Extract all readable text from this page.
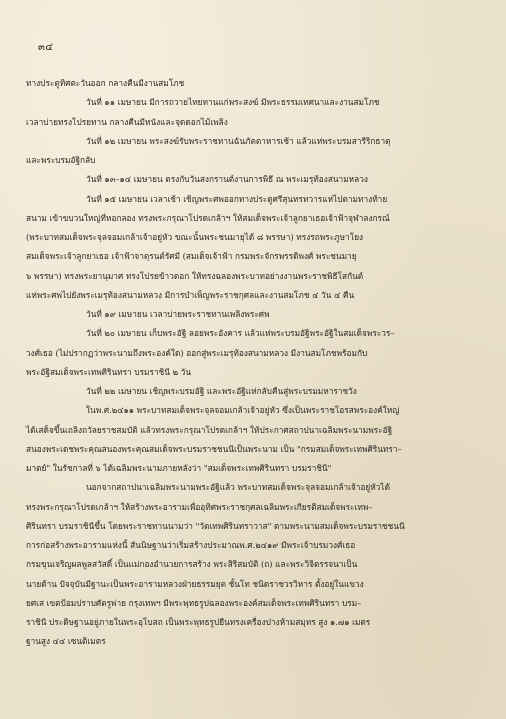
๓๔
ทางประตูทิศตะวันออก กลางคืนมีงานสมโภช
วันที่ ๑๑ เมษายน มีการถวายไทยทานแก่พระสงฆ์ มีพระธรรมเทศนาและงานสมโภช
เวลาบ่ายทรงโปรยทาน กลางคืนมีหนังและจุดดอกไม้เพลิง
วันที่ ๑๒ เมษายน พระสงฆ์รับพระราชทานฉันภัตตาหารเช้า แล้วแห่พระบรมสารีริกธาตุ
และพระบรมอัฐิกลับ
วันที่ ๑๓–๑๔ เมษายน ตรงกับวันสงกรานต์งานการพิธี ณ พระเมรุท้องสนามหลวง
วันที่ ๑๕ เมษายน เวลาเช้า เชิญพระศพออกทางประตูศรีสุนทรทวารแห่ไปตามทางท้าย
สนาม เข้าขบวนใหญ่ที่หอกลอง ทรงพระกรุณาโปรดเกล้าฯ ให้สมเด็จพระเจ้าลูกยาเธอเจ้าฟ้าจุฬาลงกรณ์
(พระบาทสมเด็จพระจุลจอมเกล้าเจ้าอยู่หัว ขณะนั้นพระชนมายุได้ ๘ พรรษา) ทรงรถพระภูษาโยง
สมเด็จพระเจ้าลูกยาเธอ เจ้าฟ้าจาตุรนต์รัศมี (สมเด็จเจ้าฟ้า กรมพระจักรพรรดิพงศ์ พระชนมายุ
๖ พรรษา) ทรงพระยานุมาศ ทรงโปรยข้าวตอก ให้ทรงฉลองพระบาทอย่างงานพระราชพิธีโสกันต์
แห่พระศพไปยังพระเมรุท้องสนามหลวง มีการบำเพ็ญพระราชกุศลและงานสมโภช ๔ วัน ๔ คืน
วันที่ ๑๙ เมษายน เวลาบ่ายพระราชทานเพลิงพระศพ
วันที่ ๒๐ เมษายน เก็บพระอัฐิ ลอยพระอังคาร แล้วแห่พระบรมอัฐิพระอัฐิในสมเด็จพระวร–
วงศ์เธอ (ไม่ปรากฏว่าพระนามถึงพระองค์ใด) ออกสู่พระเมรุท้องสนามหลวง มีงานสมโภชพร้อมกับ
พระอัฐิสมเด็จพระเทพศิรินทรา บรมราชินี ๒ วัน
วันที่ ๒๒ เมษายน เชิญพระบรมอัฐิ และพระอัฐิแห่กลับคืนสู่พระบรมมหาราชวัง
ในพ.ศ.๒๔๑๑ พระบาทสมเด็จพระจุลจอมเกล้าเจ้าอยู่หัว ซึ่งเป็นพระราชโอรสพระองค์ใหญ่
ได้เสด็จขึ้นเถลิงถวัลยราชสมบัติ แล้วทรงพระกรุณาโปรดเกล้าฯ ให้ประกาศสถาปนาเฉลิมพระนามพระอัฐิ
สนองพระเดชพระคุณสนองพระคุณสมเด็จพระบรมราชชนนีเป็นพระนาม เป็น "กรมสมเด็จพระเทพศิรินทรา–
มาตย์" ในรัชกาลที่ ๖ ได้เฉลิมพระนามภายหลังว่า "สมเด็จพระเทพศิรินทรา บรมราชินี"
นอกจากสถาปนาเฉลิมพระนามพระอัฐิแล้ว พระบาทสมเด็จพระจุลจอมเกล้าเจ้าอยู่หัวได้
ทรงพระกรุณาโปรดเกล้าฯ ให้สร้างพระอารามเพื่ออุทิศพระราชกุศลเฉลิมพระเกียรติสมเด็จพระเทพ–
ศิรินทรา บรมราชินีขึ้น โดยพระราชทานนามว่า "วัดเทพศิรินทราวาส" ตามพระนามสมเด็จพระบรมราชชนนี
การก่อสร้างพระอารามแห่งนี้ สันนิษฐานว่าเริ่มสร้างประมาณพ.ศ.๒๔๑๙ มีพระเจ้าบรมวงศ์เธอ
กรมขุนเจริญผลพูลสวัสดิ์ เป็นแม่กองอำนวยการสร้าง พระสิริสมบัติ (ถ) และพระวิจิตรรจนาเป็น
นายด้าน ปัจจุบันมีฐานะเป็นพระอารามหลวงฝ่ายธรรมยุต ชั้นโท ชนิดราชวรวิหาร ตั้งอยู่ในแขวง
ยศเส เขตป้อมปราบศัตรูพ่าย กรุงเทพฯ มีพระพุทธรูปฉลองพระองค์สมเด็จพระเทพศิรินทรา บรม–
ราชินี ประดิษฐานอยู่ภายในพระอุโบสถ เป็นพระพุทธรูปยืนทรงเครื่องปางห้ามสมุทร สูง ๑.๗๑ เมตร
ฐานสูง ๔๔ เซนติเมตร
